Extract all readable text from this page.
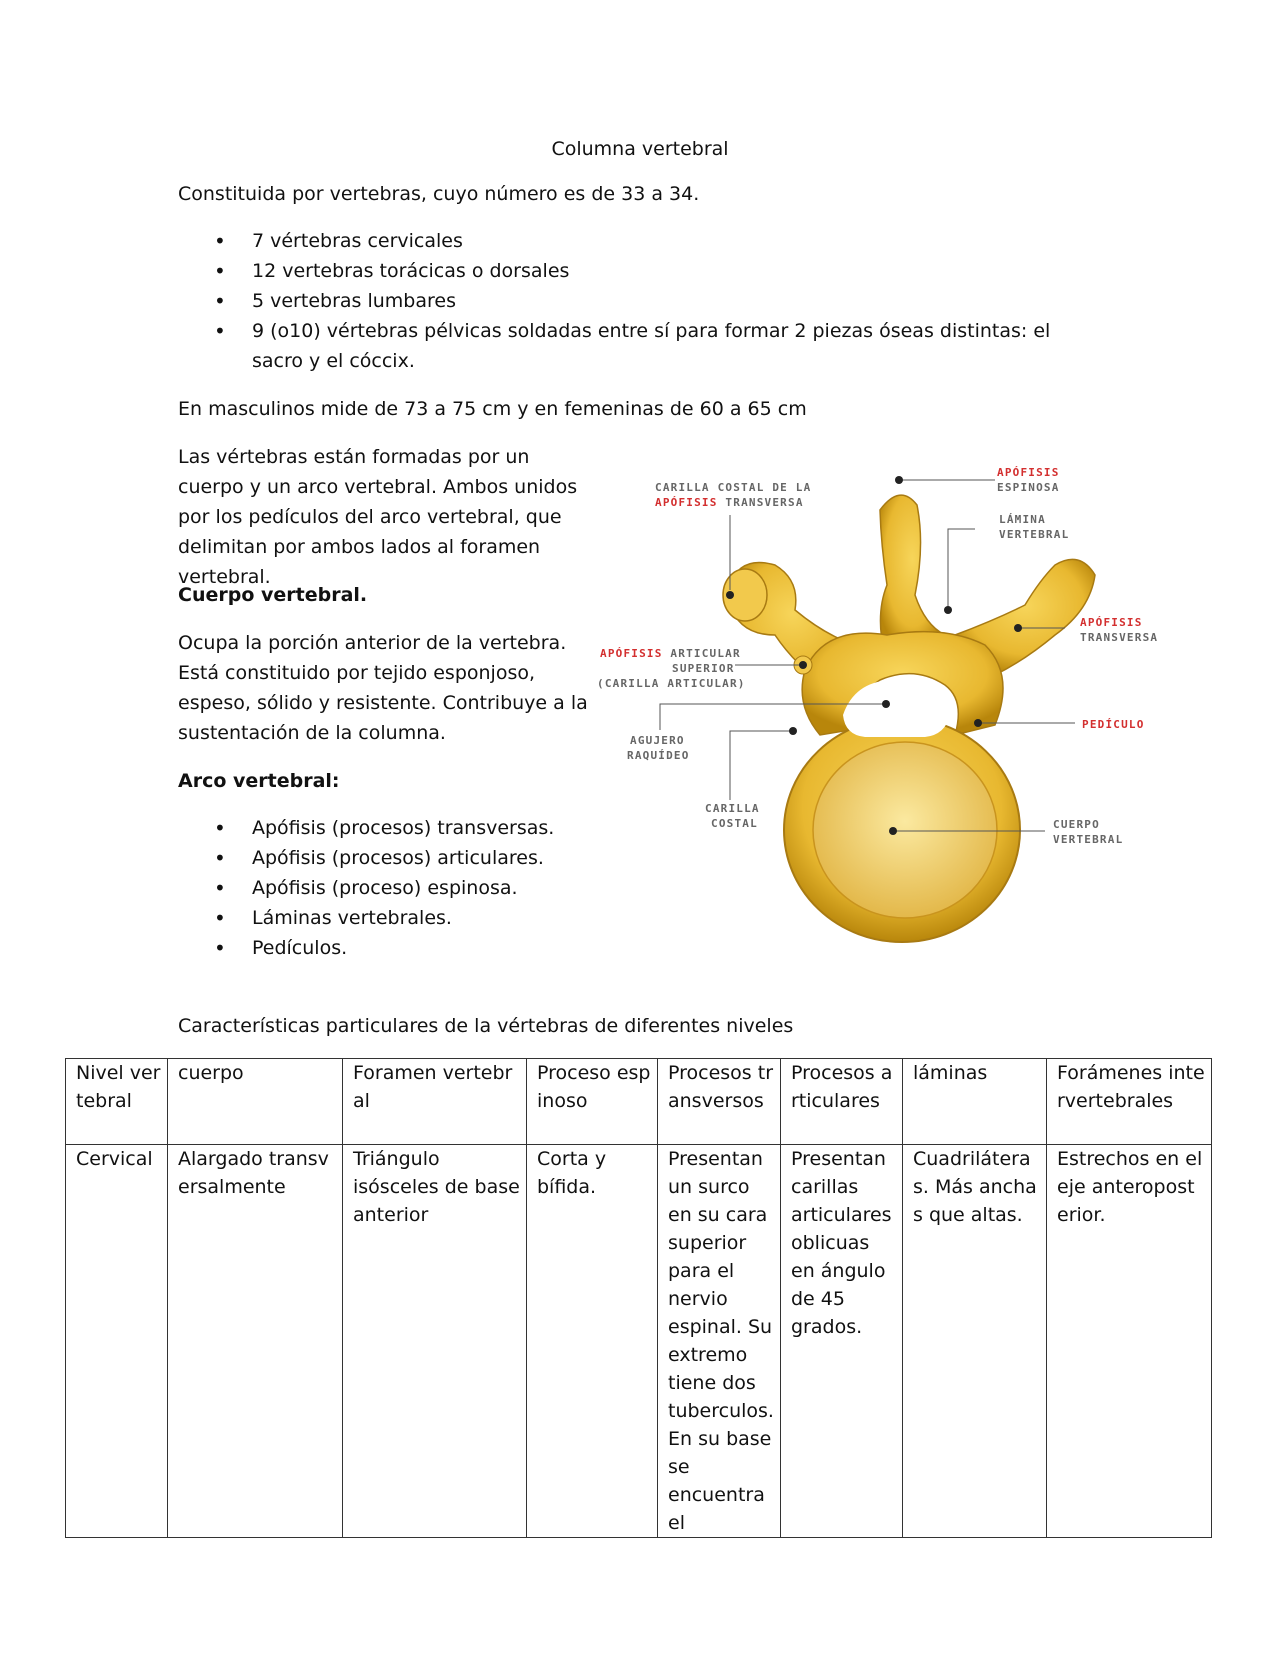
Columna vertebral
Constituida por vertebras, cuyo número es de 33 a 34.
• 7 vértebras cervicales
• 12 vertebras torácicas o dorsales
• 5 vertebras lumbares
• 9 (o10) vértebras pélvicas soldadas entre sí para formar 2 piezas óseas distintas: el sacro y el cóccix.
En masculinos mide de 73 a 75 cm y en femeninas de 60 a 65 cm
Las vértebras están formadas por un cuerpo y un arco vertebral. Ambos unidos por los pedículos del arco vertebral, que delimitan por ambos lados al foramen vertebral.
Cuerpo vertebral.
Ocupa la porción anterior de la vertebra. Está constituido por tejido esponjoso, espeso, sólido y resistente. Contribuye a la sustentación de la columna.
Arco vertebral:
• Apófisis (procesos) transversas.
• Apófisis (procesos) articulares.
• Apófisis (proceso) espinosa.
• Láminas vertebrales.
• Pedículos.
CARILLA COSTAL DE LA
APÓFISIS TRANSVERSA
APÓFISIS
ESPINOSA
LÁMINA
VERTEBRAL
APÓFISIS
TRANSVERSA
APÓFISIS ARTICULAR
SUPERIOR
(CARILLA ARTICULAR)
PEDÍCULO
AGUJERO
RAQUÍDEO
CARILLA
COSTAL	CUERPO
VERTEBRAL
Características particulares de la vértebras de diferentes niveles
Nivel vertebral	cuerpo	Foramen vertebral	Proceso espinoso	Procesos transversos	Procesos articulares	láminas	Forámenes intervertebrales
Cervical	Alargado transversalmente	Triángulo isósceles de base anterior	Corta y bífida.	Presentan un surco en su cara superior para el nervio espinal. Su extremo tiene dos tuberculos. En su base se encuentra el	Presentan carillas articulares oblicuas en ángulo de 45 grados.	Cuadriláteras. Más anchas que altas.	Estrechos en el eje anteroposterior.
